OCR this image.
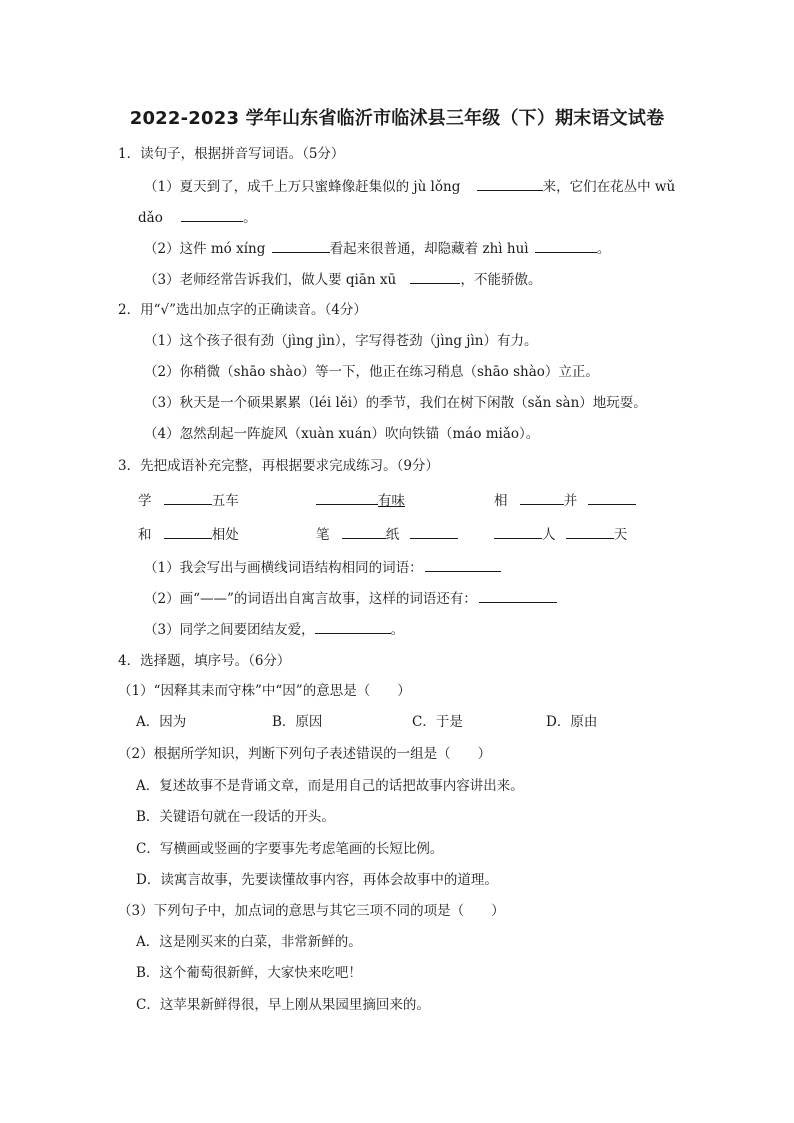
2022-2023 学年山东省临沂市临沭县三年级（下）期末语文试卷
1．读句子，根据拼音写词语。（5分）
（1）夏天到了，成千上万只蜜蜂像赶集似的 jù lǒng	来，它们在花丛中 wǔ
dǎo	。
（2）这件 mó xíng	看起来很普通，却隐藏着 zhì huì	。
（3）老师经常告诉我们，做人要 qiān xū	，不能骄傲。
2．用“√”选出加点字的正确读音。（4分）
（1）这个孩子很有劲（jìng jìn），字写得苍劲（jìng jìn）有力。
（2）你稍微（shāo shào）等一下，他正在练习稍息（shāo shào）立正。
（3）秋天是一个硕果累累（léi lěi）的季节，我们在树下闲散（sǎn sàn）地玩耍。
（4）忽然刮起一阵旋风（xuàn xuán）吹向铁锚（máo miǎo）。
3．先把成语补充完整，再根据要求完成练习。（9分）
学	五车	有味	相	并
和	相处	笔	纸	人	天
（1）我会写出与画横线词语结构相同的词语：
（2）画“——”的词语出自寓言故事，这样的词语还有：
（3）同学之间要团结友爱，	。
4．选择题，填序号。（6分）
（1）“因释其耒而守株”中“因”的意思是（　　）
A．因为	B．原因	C．于是	D．原由
（2）根据所学知识，判断下列句子表述错误的一组是（　　）
A．复述故事不是背诵文章，而是用自己的话把故事内容讲出来。
B．关键语句就在一段话的开头。
C．写横画或竖画的字要事先考虑笔画的长短比例。
D．读寓言故事，先要读懂故事内容，再体会故事中的道理。
（3）下列句子中，加点词的意思与其它三项不同的项是（　　）
A．这是刚买来的白菜，非常新鲜的。
B．这个葡萄很新鲜，大家快来吃吧！
C．这苹果新鲜得很，早上刚从果园里摘回来的。
